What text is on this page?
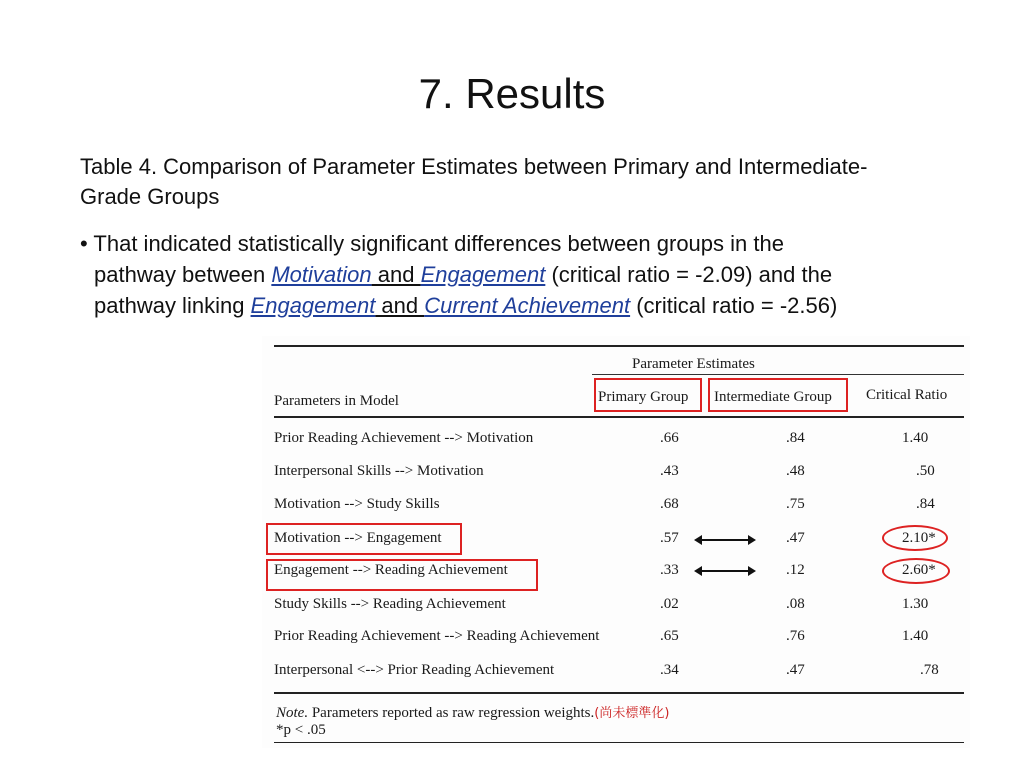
7. Results
Table 4. Comparison of Parameter Estimates between Primary and Intermediate-
Grade Groups
• That indicated statistically significant differences between groups in the
pathway between Motivation and Engagement (critical ratio = -2.09) and the
pathway linking Engagement and Current Achievement (critical ratio = -2.56)
Parameter Estimates
Parameters in Model	Primary Group Intermediate Group Critical Ratio
Prior Reading Achievement --> Motivation	.66	.84	1.40
Interpersonal Skills --> Motivation	.43	.48	.50
Motivation --> Study Skills	.68	.75	.84
Motivation --> Engagement	.57	.47	2.10*
Engagement --> Reading Achievement	.33	.12	2.60*
Study Skills --> Reading Achievement	.02	.08	1.30
Prior Reading Achievement --> Reading Achievement	.65	.76	1.40
Interpersonal <--> Prior Reading Achievement	.34	.47	.78
Note. Parameters reported as raw regression weights.(尚未標準化)
*p < .05
